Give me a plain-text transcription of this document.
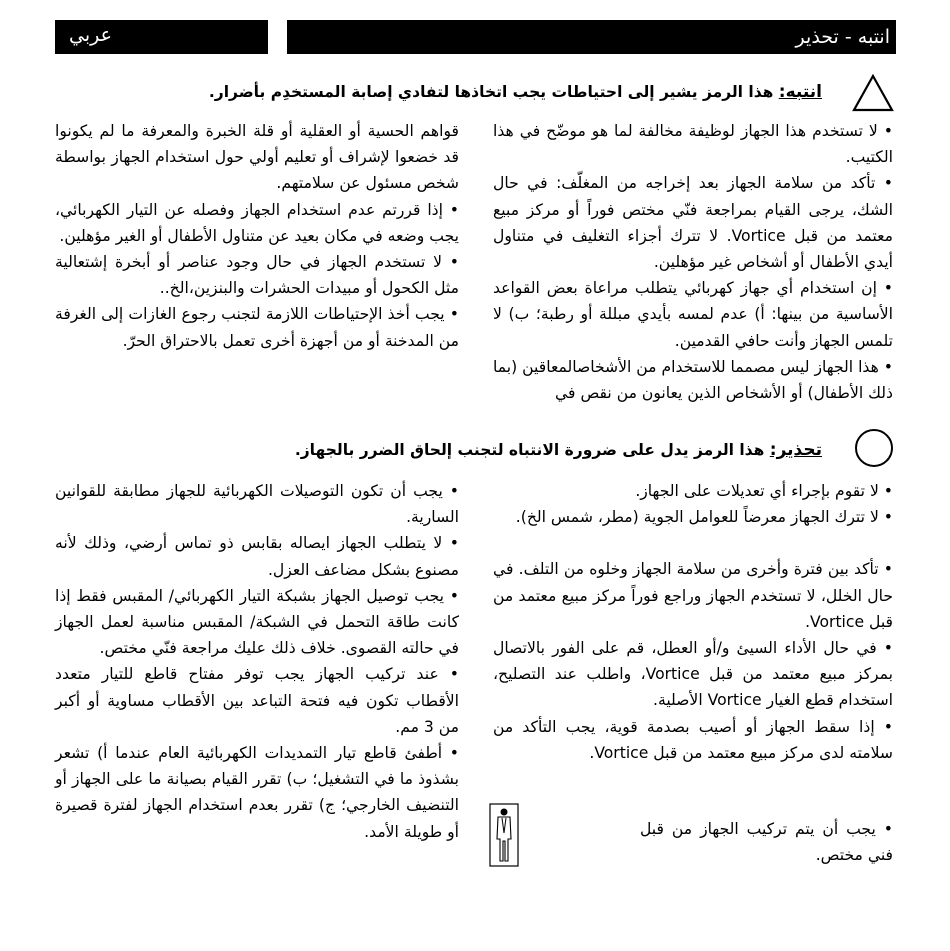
انتبه - تحذير
عربي
انتبه: هذا الرمز يشير إلى احتياطات يجب اتخاذها لتفادي إصابة المستخدِم بأضرار.

• لا تستخدم هذا الجهاز لوظيفة مخالفة لما هو موضّح في هذا الكتيب.

• تأكد من سلامة الجهاز بعد إخراجه من المغلّف: في حال الشك، يرجى القيام بمراجعة فنّي مختص فوراً أو مركز مبيع معتمد من قبل Vortice. لا تترك أجزاء التغليف في متناول أيدي الأطفال أو أشخاص غير مؤهلين.

• إن استخدام أي جهاز كهربائي يتطلب مراعاة بعض القواعد الأساسية من بينها: أ) عدم لمسه بأيدي مبللة أو رطبة؛ ب) لا تلمس الجهاز وأنت حافي القدمين.

• هذا الجهاز ليس مصمما للاستخدام من الأشخاصالمعاقين (بما ذلك الأطفال) أو الأشخاص الذين يعانون من نقص في

قواهم الحسية أو العقلية أو قلة الخبرة والمعرفة ما لم يكونوا قد خضعوا لإشراف أو تعليم أولي حول استخدام الجهاز بواسطة شخص مسئول عن سلامتهم.

• إذا قررتم عدم استخدام الجهاز وفصله عن التيار الكهربائي، يجب وضعه في مكان بعيد عن متناول الأطفال أو الغير مؤهلين.

• لا تستخدم الجهاز في حال وجود عناصر أو أبخرة إشتعالية مثل الكحول أو مبيدات الحشرات والبنزين،الخ..

• يجب أخذ الإحتياطات اللازمة لتجنب رجوع الغازات إلى الغرفة من المدخنة أو من أجهزة أخرى تعمل بالاحتراق الحرّ.

تحذير: هذا الرمز يدل على ضرورة الانتباه لتجنب إلحاق الضرر بالجهاز.

• لا تقوم بإجراء أي تعديلات على الجهاز.

• لا تترك الجهاز معرضاً للعوامل الجوية (مطر، شمس الخ).

• تأكد بين فترة وأخرى من سلامة الجهاز وخلوه من التلف. في حال الخلل، لا تستخدم الجهاز وراجع فوراً مركز مبيع معتمد من قبل Vortice.

• في حال الأداء السيئ و/أو العطل، قم على الفور بالاتصال بمركز مبيع معتمد من قبل Vortice، واطلب عند التصليح، استخدام قطع الغيار Vortice الأصلية.

• إذا سقط الجهاز أو أصيب بصدمة قوية، يجب التأكد من سلامته لدى مركز مبيع معتمد من قبل Vortice.

• يجب أن يتم تركيب الجهاز من قبل فني مختص.

• يجب أن تكون التوصيلات الكهربائية للجهاز مطابقة للقوانين السارية.

• لا يتطلب الجهاز ايصاله بقابس ذو تماس أرضي، وذلك لأنه مصنوع بشكل مضاعف العزل.

• يجب توصيل الجهاز بشبكة التيار الكهربائي/ المقبس فقط إذا كانت طاقة التحمل في الشبكة/ المقبس مناسبة لعمل الجهاز في حالته القصوى. خلاف ذلك عليك مراجعة فنّي مختص.

• عند تركيب الجهاز يجب توفر مفتاح قاطع للتيار متعدد الأقطاب تكون فيه فتحة التباعد بين الأقطاب مساوية أو أكبر من 3 مم.

• أطفئ قاطع تيار التمديدات الكهربائية العام عندما أ) تشعر بشذوذ ما في التشغيل؛ ب) تقرر القيام بصيانة ما على الجهاز أو التنضيف الخارجي؛ ج) تقرر بعدم استخدام الجهاز لفترة قصيرة أو طويلة الأمد.
